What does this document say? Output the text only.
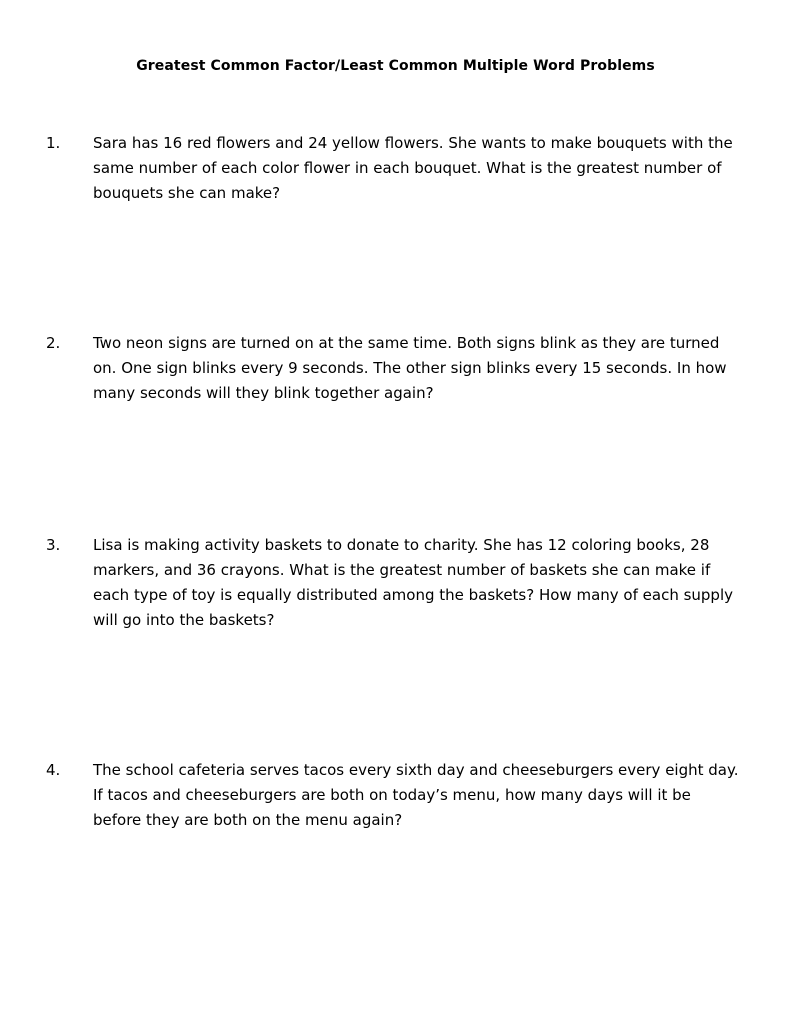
Greatest Common Factor/Least Common Multiple Word Problems
1. Sara has 16 red flowers and 24 yellow flowers. She wants to make bouquets with the same number of each color flower in each bouquet. What is the greatest number of bouquets she can make?
2. Two neon signs are turned on at the same time. Both signs blink as they are turned on. One sign blinks every 9 seconds. The other sign blinks every 15 seconds. In how many seconds will they blink together again?
3. Lisa is making activity baskets to donate to charity. She has 12 coloring books, 28 markers, and 36 crayons. What is the greatest number of baskets she can make if each type of toy is equally distributed among the baskets? How many of each supply will go into the baskets?
4. The school cafeteria serves tacos every sixth day and cheeseburgers every eight day. If tacos and cheeseburgers are both on today’s menu, how many days will it be before they are both on the menu again?
